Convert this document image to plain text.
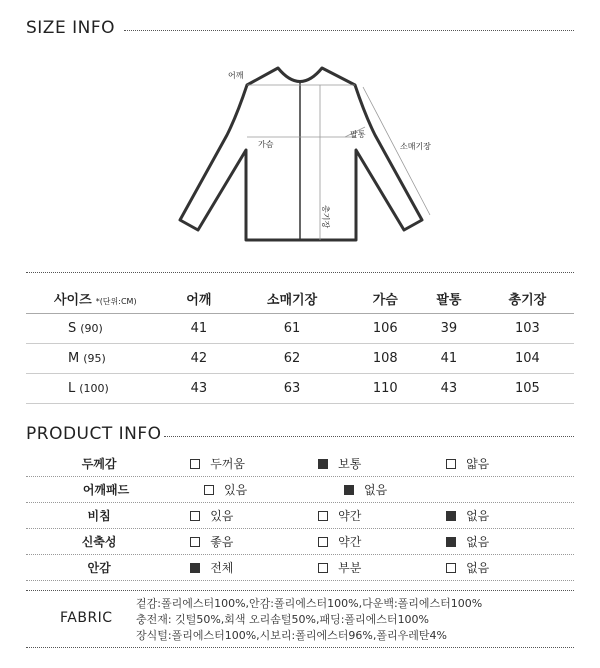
SIZE INFO
어깨
가슴
팔통
소매기장
총기장
사이즈 *(단위:CM)	어깨	소매기장	가슴	팔통	총기장
S (90)	41	61	106	39	103
M (95)	42	62	108	41	104
L (100)	43	63	110	43	105
PRODUCT INFO
두께감	두꺼움	보통	얇음
어깨패드	있음	없음
비침	있음	약간	없음
신축성	좋음	약간	없음
안감	전체	부분	없음
FABRIC
겉감:폴리에스터100%,안감:폴리에스터100%,다운백:폴리에스터100%
충전재: 깃털50%,회색 오리솜털50%,패딩:폴리에스터100%
장식털:폴리에스터100%,시보리:폴리에스터96%,폴리우레탄4%
